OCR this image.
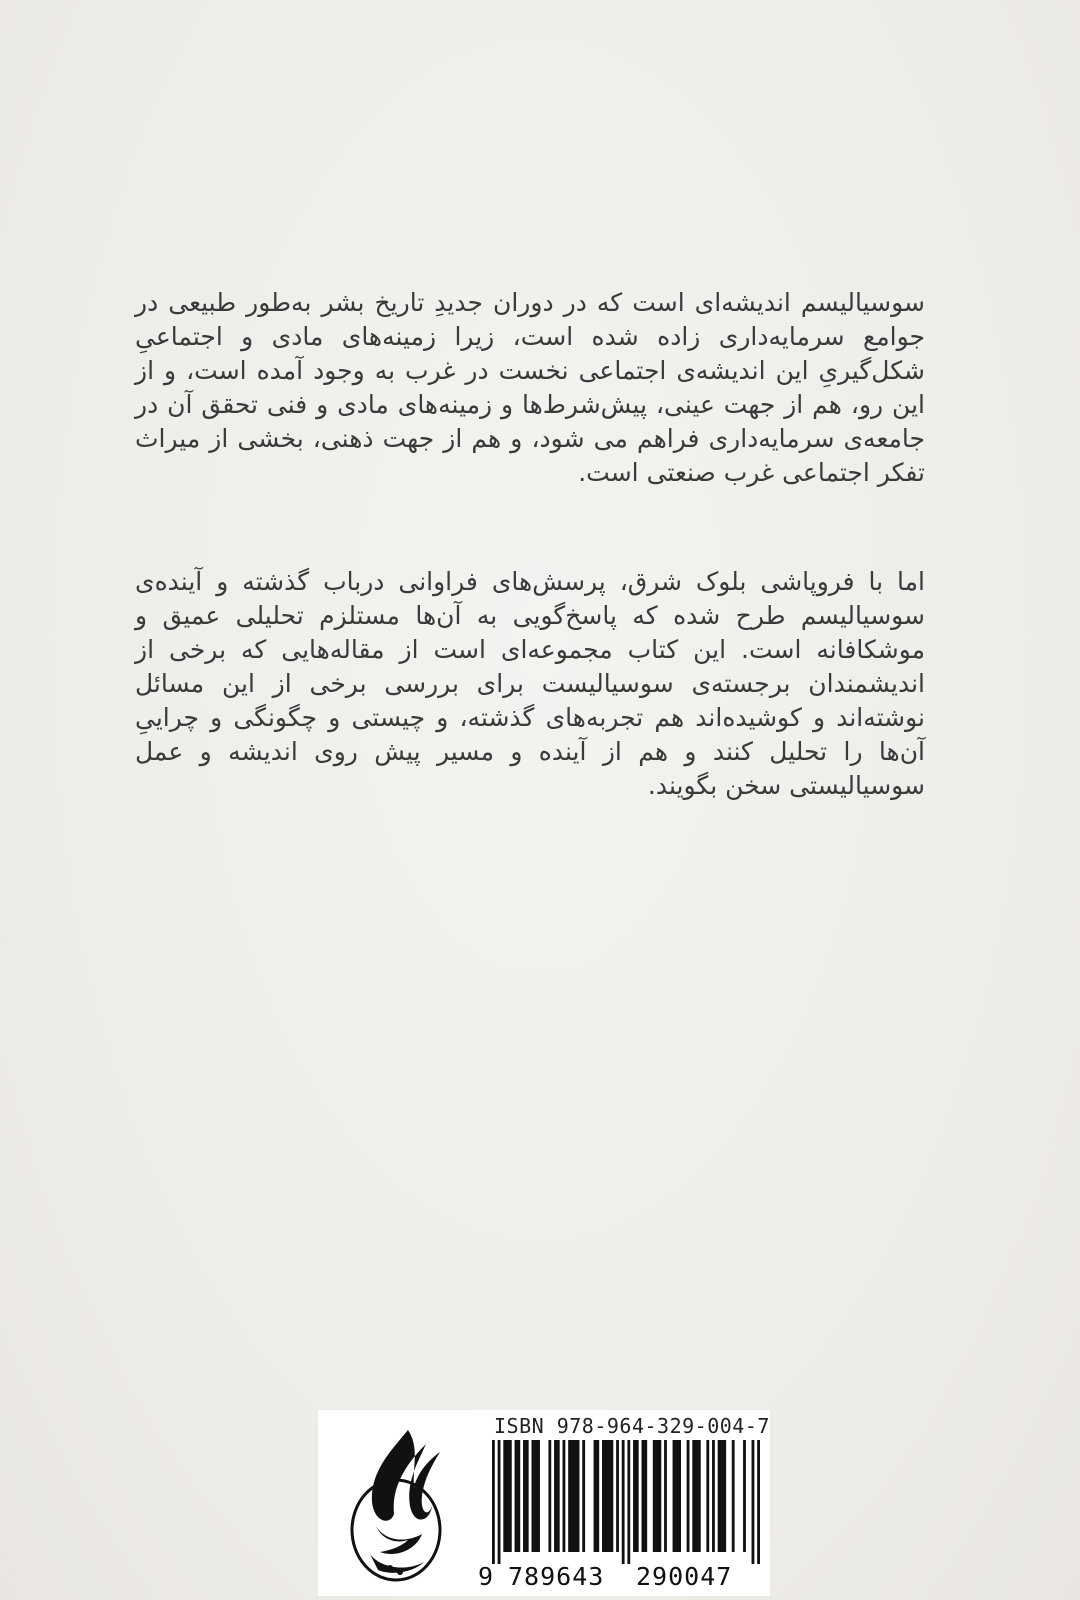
سوسیالیسم اندیشه‌ای است که در دوران جدیدِ تاریخ بشر به‌طور طبیعی در جوامع سرمایه‌داری زاده شده است، زیرا زمینه‌های مادی و اجتماعیِ شکل‌گیریِ این اندیشه‌ی اجتماعی نخست در غرب به وجود آمده است، و از این رو، هم از جهت عینی، پیش‌شرط‌ها و زمینه‌های مادی و فنی تحقق آن در جامعه‌ی سرمایه‌داری فراهم می شود، و هم از جهت ذهنی، بخشی از میراث تفکر اجتماعی غرب صنعتی است.

اما با فروپاشی بلوک شرق، پرسش‌های فراوانی درباب گذشته و آینده‌ی سوسیالیسم طرح شده که پاسخ‌گویی به آن‌ها مستلزم تحلیلی عمیق و موشکافانه است. این کتاب مجموعه‌ای است از مقاله‌هایی که برخی از اندیشمندان برجسته‌ی سوسیالیست برای بررسی برخی از این مسائل نوشته‌اند و کوشیده‌اند هم تجربه‌های گذشته، و چیستی و چگونگی و چراییِ آن‌ها را تحلیل کنند و هم از آینده و مسیر پیش روی اندیشه و عمل سوسیالیستی سخن بگویند.

ISBN 978-964-329-004-7
9 789643 290047
